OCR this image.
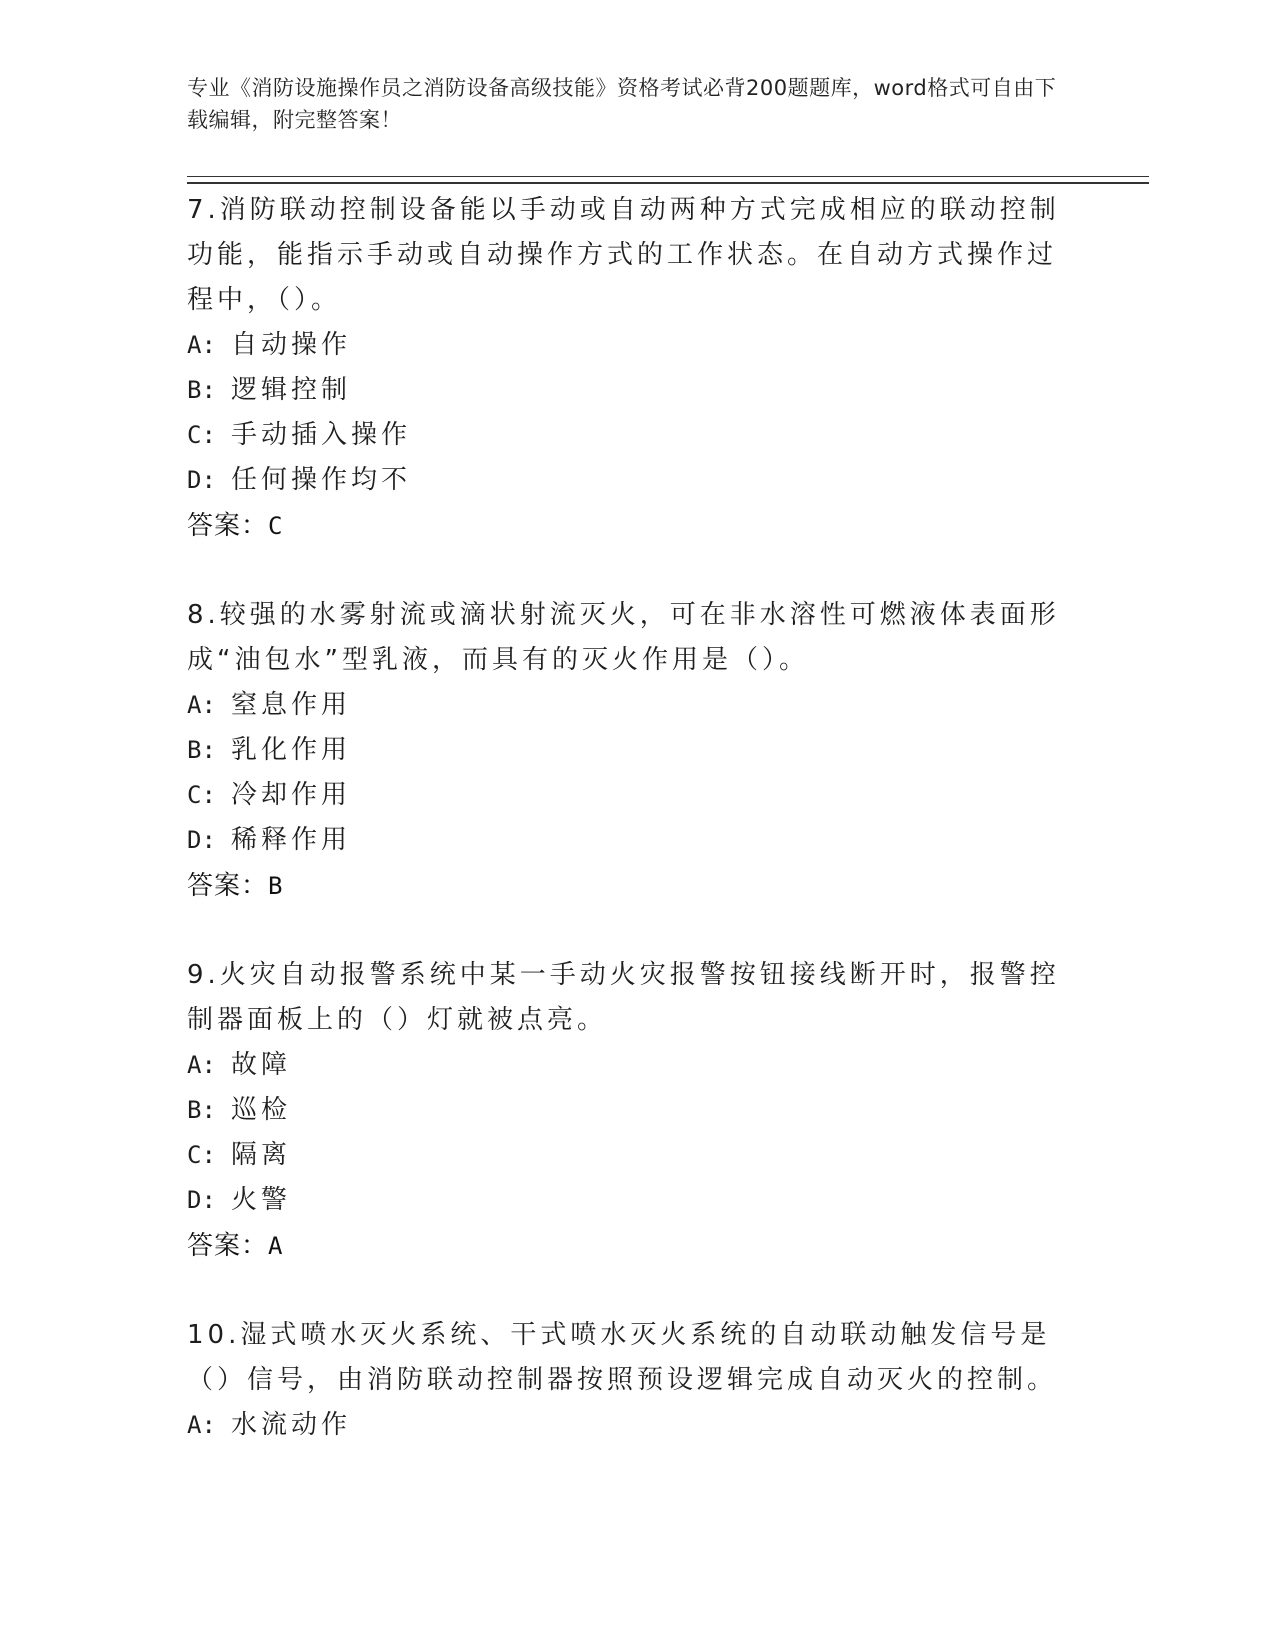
专业《消防设施操作员之消防设备高级技能》资格考试必背200题题库，word格式可自由下载编辑，附完整答案！
7.消防联动控制设备能以手动或自动两种方式完成相应的联动控制功能，能指示手动或自动操作方式的工作状态。在自动方式操作过程中，（）。
A: 自动操作
B: 逻辑控制
C: 手动插入操作
D: 任何操作均不
答案：C
8.较强的水雾射流或滴状射流灭火，可在非水溶性可燃液体表面形成“油包水”型乳液，而具有的灭火作用是（）。
A: 窒息作用
B: 乳化作用
C: 冷却作用
D: 稀释作用
答案：B
9.火灾自动报警系统中某一手动火灾报警按钮接线断开时，报警控制器面板上的（）灯就被点亮。
A: 故障
B: 巡检
C: 隔离
D: 火警
答案：A
10.湿式喷水灭火系统、干式喷水灭火系统的自动联动触发信号是（）信号，由消防联动控制器按照预设逻辑完成自动灭火的控制。
A: 水流动作
